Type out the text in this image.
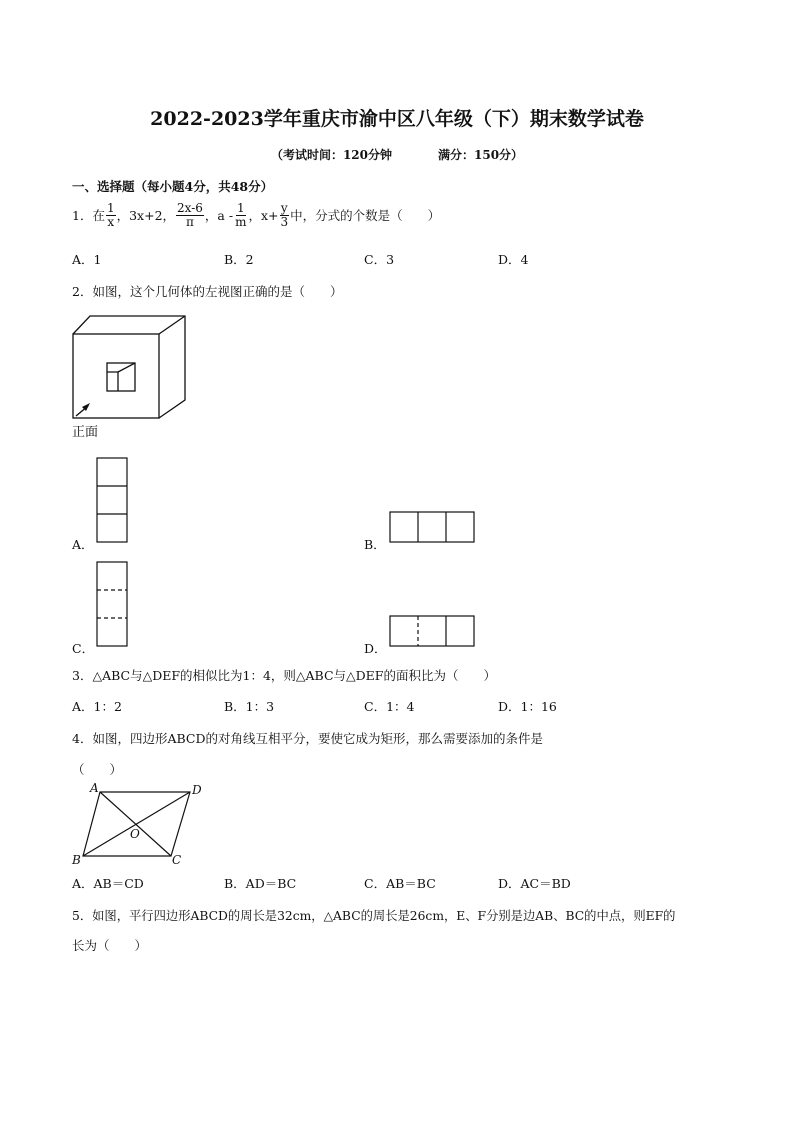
2022-2023学年重庆市渝中区八年级（下）期末数学试卷
（考试时间：120分钟	满分：150分）
一、选择题（每小题4分，共48分）
1．在 $\frac{1}{x}$ ，3x+2， $\frac{2x-6}{\pi}$ ，a - $\frac{1}{m}$ ，$x+ \frac{y}{3}$ 中，分式的个数是（　　）
A．1	B．2	C．3	D．4
2．如图，这个几何体的左视图正确的是（　　）
正面
A．	B．
C．	D．
3．△ABC与△DEF的相似比为1：4，则△ABC与△DEF的面积比为（　　）
A．1：2	B．1：3	C．1：4	D．1：16
4．如图，四边形ABCD的对角线互相平分，要使它成为矩形，那么需要添加的条件是
（　　）
A	D
B	C
O
A．AB＝CD	B．AD＝BC	C．AB＝BC	D．AC＝BD
5．如图，平行四边形ABCD的周长是32cm，△ABC的周长是26cm，E、F分别是边AB、BC的中点，则EF的
长为（　　）
